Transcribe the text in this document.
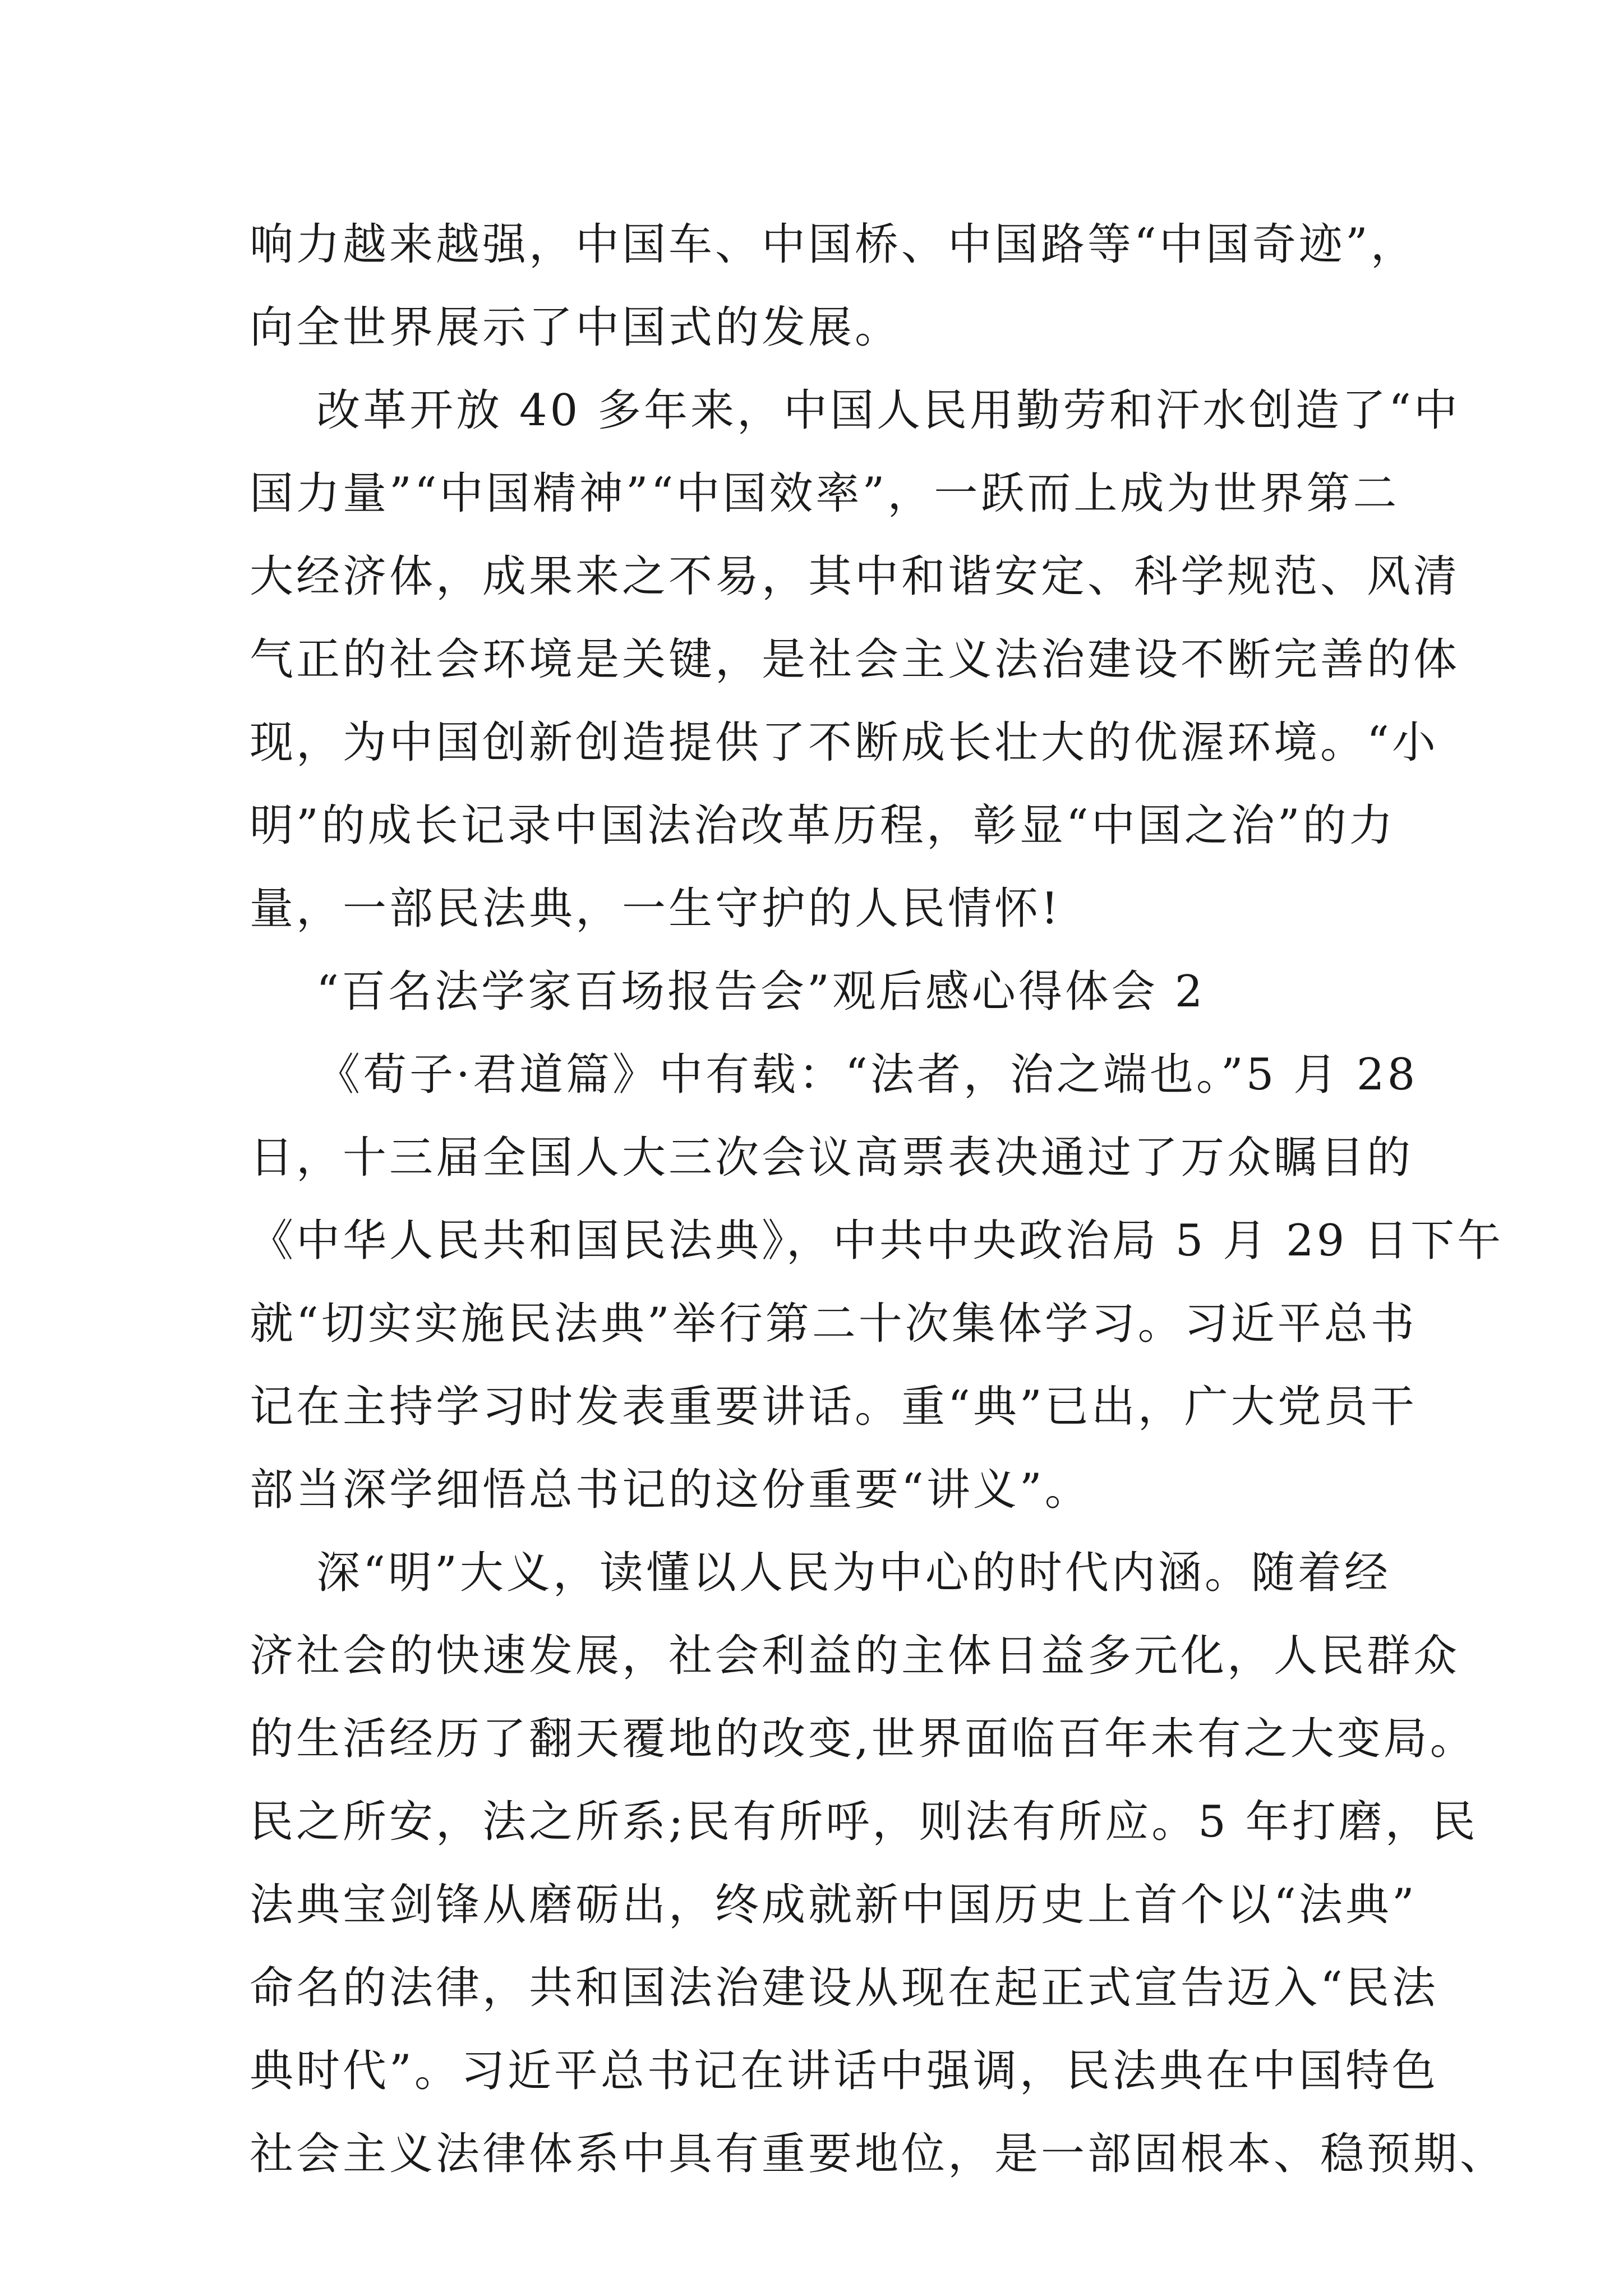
响力越来越强，中国车、中国桥、中国路等“中国奇迹”，
向全世界展示了中国式的发展。
改革开放 40 多年来，中国人民用勤劳和汗水创造了“中
国力量”“中国精神”“中国效率”，一跃而上成为世界第二
大经济体，成果来之不易，其中和谐安定、科学规范、风清
气正的社会环境是关键，是社会主义法治建设不断完善的体
现，为中国创新创造提供了不断成长壮大的优渥环境。“小
明”的成长记录中国法治改革历程，彰显“中国之治”的力
量，一部民法典，一生守护的人民情怀!
“百名法学家百场报告会”观后感心得体会 2
《荀子·君道篇》中有载：“法者，治之端也。”5 月 28
日，十三届全国人大三次会议高票表决通过了万众瞩目的
《中华人民共和国民法典》，中共中央政治局 5 月 29 日下午
就“切实实施民法典”举行第二十次集体学习。习近平总书
记在主持学习时发表重要讲话。重“典”已出，广大党员干
部当深学细悟总书记的这份重要“讲义”。
深“明”大义，读懂以人民为中心的时代内涵。随着经
济社会的快速发展，社会利益的主体日益多元化，人民群众
的生活经历了翻天覆地的改变,世界面临百年未有之大变局。
民之所安，法之所系;民有所呼，则法有所应。5 年打磨，民
法典宝剑锋从磨砺出，终成就新中国历史上首个以“法典”
命名的法律，共和国法治建设从现在起正式宣告迈入“民法
典时代”。习近平总书记在讲话中强调，民法典在中国特色
社会主义法律体系中具有重要地位，是一部固根本、稳预期、
